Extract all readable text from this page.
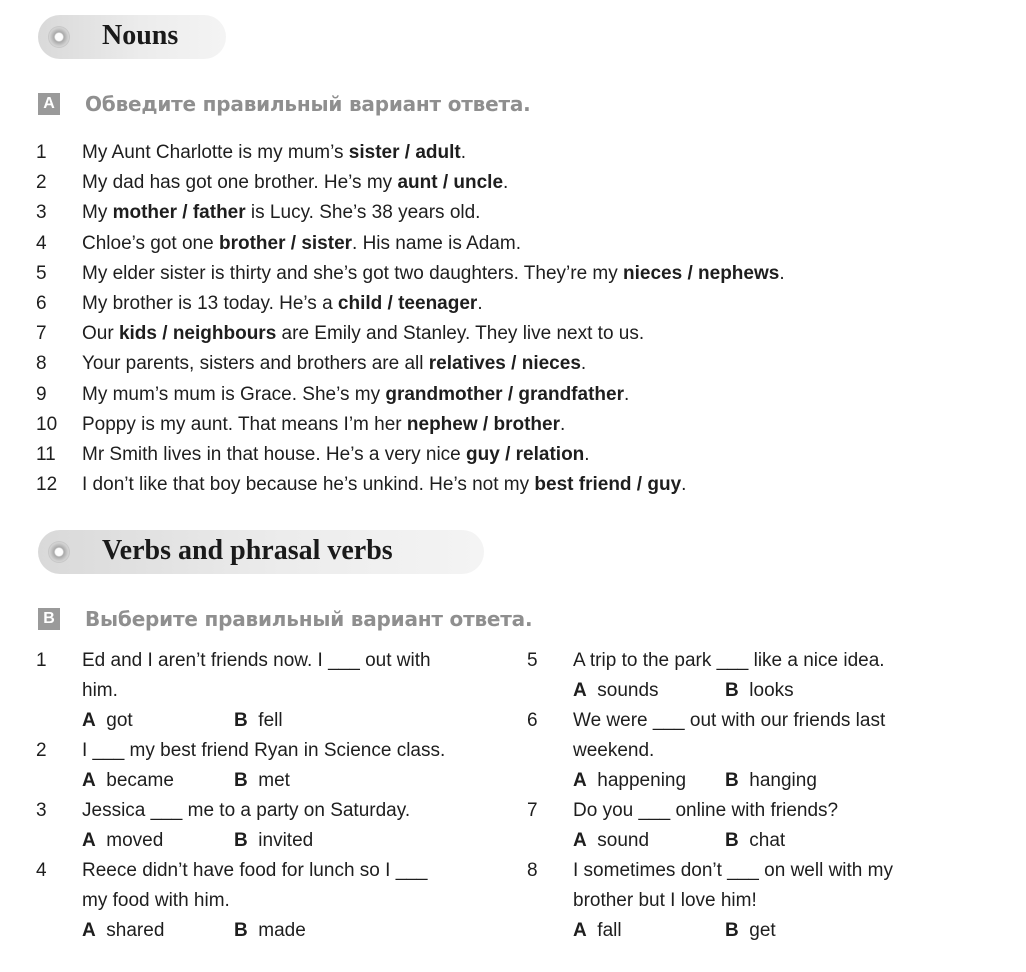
Nouns
A Обведите правильный вариант ответа.
1 My Aunt Charlotte is my mum’s sister / adult.
2 My dad has got one brother. He’s my aunt / uncle.
3 My mother / father is Lucy. She’s 38 years old.
4 Chloe’s got one brother / sister. His name is Adam.
5 My elder sister is thirty and she’s got two daughters. They’re my nieces / nephews.
6 My brother is 13 today. He’s a child / teenager.
7 Our kids / neighbours are Emily and Stanley. They live next to us.
8 Your parents, sisters and brothers are all relatives / nieces.
9 My mum’s mum is Grace. She’s my grandmother / grandfather.
10 Poppy is my aunt. That means I’m her nephew / brother.
11 Mr Smith lives in that house. He’s a very nice guy / relation.
12 I don’t like that boy because he’s unkind. He’s not my best friend / guy.
Verbs and phrasal verbs
B Выберите правильный вариант ответа.
1 Ed and I aren’t friends now. I ___ out with
him.
A  got	B  fell
2 I ___ my best friend Ryan in Science class.
A  became	B  met
3 Jessica ___ me to a party on Saturday.
A  moved	B  invited
4 Reece didn’t have food for lunch so I ___
my food with him.
A  shared	B  made
5 A trip to the park ___ like a nice idea.
A  sounds	B  looks
6 We were ___ out with our friends last
weekend.
A  happening B  hanging
7 Do you ___ online with friends?
A  sound	B  chat
8 I sometimes don’t ___ on well with my
brother but I love him!
A  fall	B  get
